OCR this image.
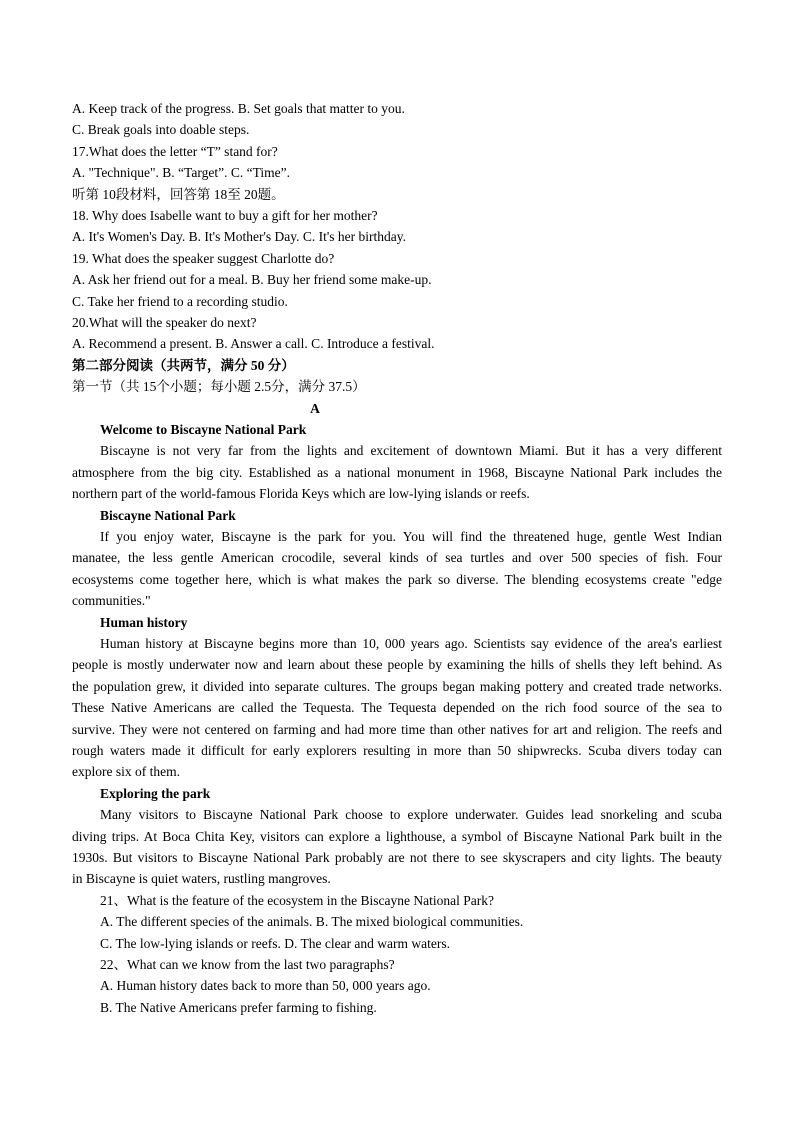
A. Keep track of the progress. B. Set goals that matter to you.
C. Break goals into doable steps.
17.What does the letter “T” stand for?
A. "Technique". B. “Target”. C. “Time”.
听第 10段材料，回答第 18至 20题。
18. Why does Isabelle want to buy a gift for her mother?
A. It's Women's Day. B. It's Mother's Day. C. It's her birthday.
19. What does the speaker suggest Charlotte do?
A. Ask her friend out for a meal. B. Buy her friend some make-up.
C. Take her friend to a recording studio.
20.What will the speaker do next?
A. Recommend a present. B. Answer a call. C. Introduce a festival.
第二部分阅读（共两节，满分 50 分）
第一节（共 15个小题；每小题 2.5分，满分 37.5）
A
Welcome to Biscayne National Park
Biscayne is not very far from the lights and excitement of downtown Miami. But it has a very different
atmosphere from the big city. Established as a national monument in 1968, Biscayne National Park includes the
northern part of the world-famous Florida Keys which are low-lying islands or reefs.
Biscayne National Park
If you enjoy water, Biscayne is the park for you. You will find the threatened huge, gentle West Indian
manatee, the less gentle American crocodile, several kinds of sea turtles and over 500 species of fish. Four
ecosystems come together here, which is what makes the park so diverse. The blending ecosystems create "edge
communities."
Human history
Human history at Biscayne begins more than 10, 000 years ago. Scientists say evidence of the area's earliest
people is mostly underwater now and learn about these people by examining the hills of shells they left behind. As
the population grew, it divided into separate cultures. The groups began making pottery and created trade networks.
These Native Americans are called the Tequesta. The Tequesta depended on the rich food source of the sea to
survive. They were not centered on farming and had more time than other natives for art and religion. The reefs and
rough waters made it difficult for early explorers resulting in more than 50 shipwrecks. Scuba divers today can
explore six of them.
Exploring the park
Many visitors to Biscayne National Park choose to explore underwater. Guides lead snorkeling and scuba
diving trips. At Boca Chita Key, visitors can explore a lighthouse, a symbol of Biscayne National Park built in the
1930s. But visitors to Biscayne National Park probably are not there to see skyscrapers and city lights. The beauty
in Biscayne is quiet waters, rustling mangroves.
21、What is the feature of the ecosystem in the Biscayne National Park?
A. The different species of the animals. B. The mixed biological communities.
C. The low-lying islands or reefs. D. The clear and warm waters.
22、What can we know from the last two paragraphs?
A. Human history dates back to more than 50, 000 years ago.
B. The Native Americans prefer farming to fishing.
